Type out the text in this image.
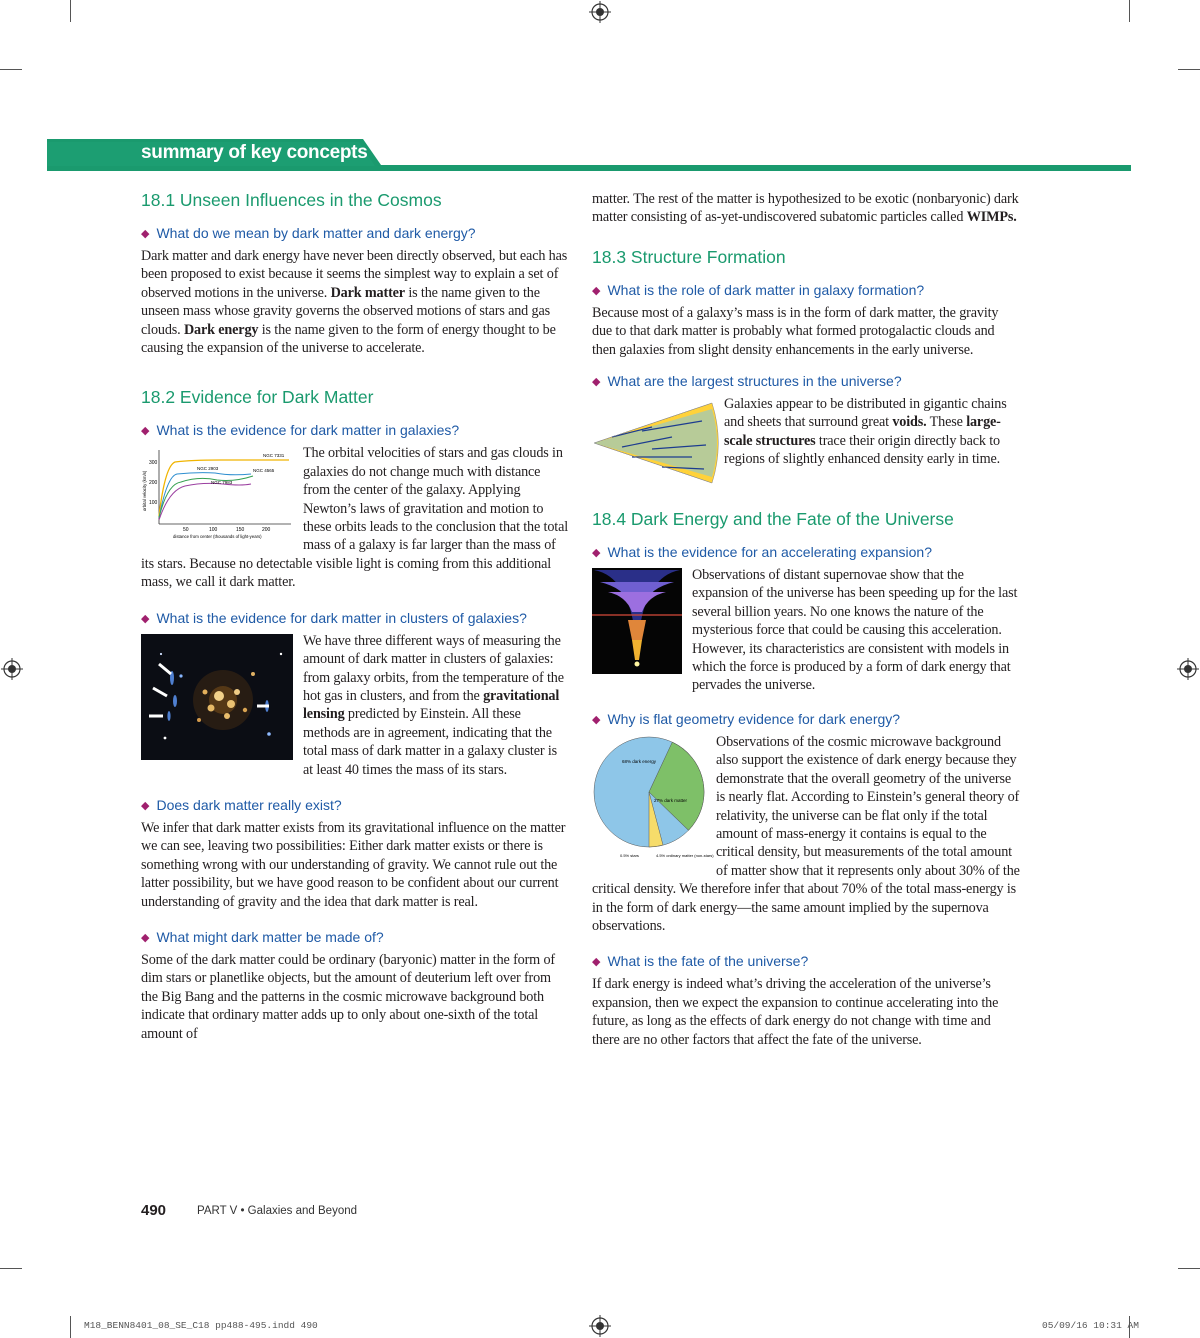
summary of key concepts
18.1 Unseen Influences in the Cosmos
◆ What do we mean by dark matter and dark energy?

Dark matter and dark energy have never been directly observed, but each has been proposed to exist because it seems the simplest way to explain a set of observed motions in the universe. Dark matter is the name given to the unseen mass whose gravity governs the observed motions of stars and gas clouds. Dark energy is the name given to the form of energy thought to be causing the expansion of the universe to accelerate.

18.2 Evidence for Dark Matter
◆ What is the evidence for dark matter in galaxies?
300
200
100
50	100	150	200
distance from center (thousands of light-years)
orbital velocity (km/s)
NGC 7331
NGC 4565
NGC 2903
NGC 7983

The orbital velocities of stars and gas clouds in galaxies do not change much with distance from the center of the galaxy. Applying Newton’s laws of gravitation and motion to these orbits leads to the conclusion that the total mass of a galaxy is far larger than the mass of its stars. Because no detectable visible light is coming from this additional mass, we call it dark matter.

◆ What is the evidence for dark matter in clusters of galaxies?

We have three different ways of measuring the amount of dark matter in clusters of galaxies: from galaxy orbits, from the temperature of the hot gas in clusters, and from the gravitational lensing predicted by Einstein. All these methods are in agreement, indicating that the total mass of dark matter in a galaxy cluster is at least 40 times the mass of its stars.

◆ Does dark matter really exist?

We infer that dark matter exists from its gravitational influence on the matter we can see, leaving two possibilities: Either dark matter exists or there is something wrong with our understanding of gravity. We cannot rule out the latter possibility, but we have good reason to be confident about our current understanding of gravity and the idea that dark matter is real.

◆ What might dark matter be made of?

Some of the dark matter could be ordinary (baryonic) matter in the form of dim stars or planetlike objects, but the amount of deuterium left over from the Big Bang and the patterns in the cosmic microwave background both indicate that ordinary matter adds up to only about one-sixth of the total amount of

matter. The rest of the matter is hypothesized to be exotic (nonbaryonic) dark matter consisting of as-yet-undiscovered subatomic particles called WIMPs.

18.3 Structure Formation
◆ What is the role of dark matter in galaxy formation?

Because most of a galaxy’s mass is in the form of dark matter, the gravity due to that dark matter is probably what formed protogalactic clouds and then galaxies from slight density enhancements in the early universe.

◆ What are the largest structures in the universe?

Galaxies appear to be distributed in gigantic chains and sheets that surround great voids. These large-scale structures trace their origin directly back to regions of slightly enhanced density early in time.

18.4 Dark Energy and the Fate of the Universe
◆ What is the evidence for an accelerating expansion?

Observations of distant supernovae show that the expansion of the universe has been speeding up for the last several billion years. No one knows the nature of the mysterious force that could be causing this acceleration. However, its characteristics are consistent with models in which the force is produced by a form of dark energy that pervades the universe.

◆ Why is flat geometry evidence for dark energy?
68% dark energy
27% dark matter
0.5% stars	4.5% ordinary matter (non-stars)

Observations of the cosmic microwave background also support the existence of dark energy because they demonstrate that the overall geometry of the universe is nearly flat. According to Einstein’s general theory of relativity, the universe can be flat only if the total amount of mass-energy it contains is equal to the critical density, but measurements of the total amount of matter show that it represents only about 30% of the critical density. We therefore infer that about 70% of the total mass-energy is in the form of dark energy—the same amount implied by the supernova observations.

◆ What is the fate of the universe?

If dark energy is indeed what’s driving the acceleration of the universe’s expansion, then we expect the expansion to continue accelerating into the future, as long as the effects of dark energy do not change with time and there are no other factors that affect the fate of the universe.

490	PART V • Galaxies and Beyond
M18_BENN8401_08_SE_C18 pp488-495.indd 490	05/09/16 10:31 AM
